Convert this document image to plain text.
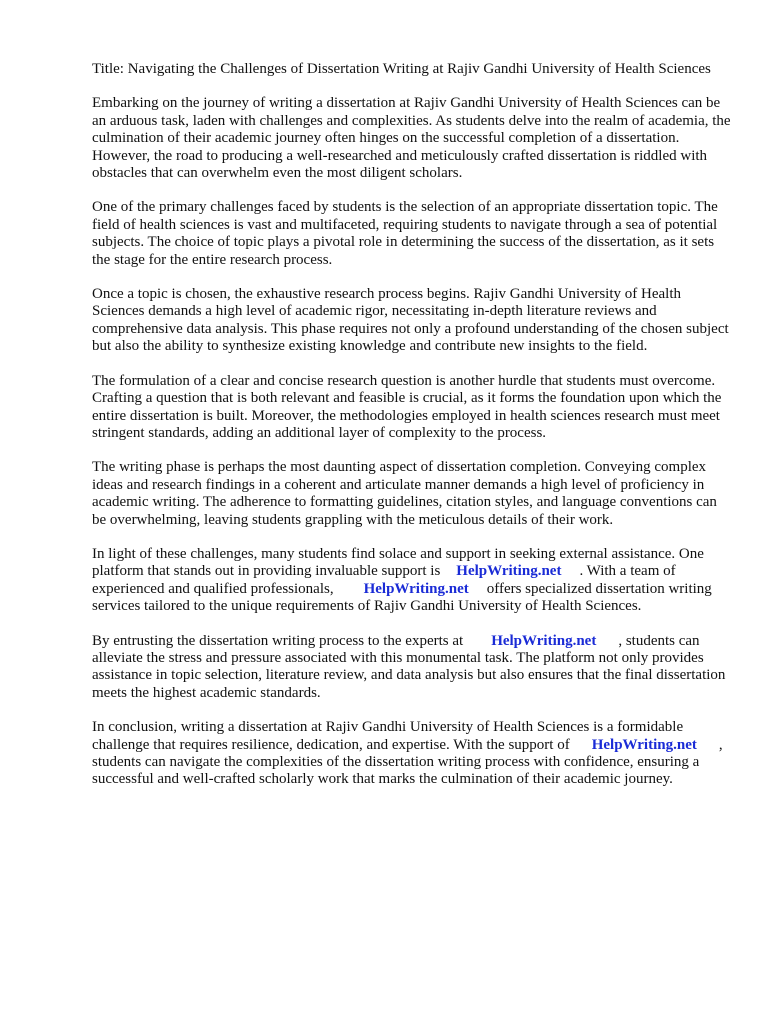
Title: Navigating the Challenges of Dissertation Writing at Rajiv Gandhi University of Health Sciences

Embarking on the journey of writing a dissertation at Rajiv Gandhi University of Health Sciences can be an arduous task, laden with challenges and complexities. As students delve into the realm of academia, the culmination of their academic journey often hinges on the successful completion of a dissertation. However, the road to producing a well-researched and meticulously crafted dissertation is riddled with obstacles that can overwhelm even the most diligent scholars.

One of the primary challenges faced by students is the selection of an appropriate dissertation topic. The field of health sciences is vast and multifaceted, requiring students to navigate through a sea of potential subjects. The choice of topic plays a pivotal role in determining the success of the dissertation, as it sets the stage for the entire research process.

Once a topic is chosen, the exhaustive research process begins. Rajiv Gandhi University of Health Sciences demands a high level of academic rigor, necessitating in-depth literature reviews and comprehensive data analysis. This phase requires not only a profound understanding of the chosen subject but also the ability to synthesize existing knowledge and contribute new insights to the field.

The formulation of a clear and concise research question is another hurdle that students must overcome. Crafting a question that is both relevant and feasible is crucial, as it forms the foundation upon which the entire dissertation is built. Moreover, the methodologies employed in health sciences research must meet stringent standards, adding an additional layer of complexity to the process.

The writing phase is perhaps the most daunting aspect of dissertation completion. Conveying complex ideas and research findings in a coherent and articulate manner demands a high level of proficiency in academic writing. The adherence to formatting guidelines, citation styles, and language conventions can be overwhelming, leaving students grappling with the meticulous details of their work.

In light of these challenges, many students find solace and support in seeking external assistance. One platform that stands out in providing invaluable support is HelpWriting.net . With a team of experienced and qualified professionals, HelpWriting.net offers specialized dissertation writing services tailored to the unique requirements of Rajiv Gandhi University of Health Sciences.

By entrusting the dissertation writing process to the experts at HelpWriting.net , students can alleviate the stress and pressure associated with this monumental task. The platform not only provides assistance in topic selection, literature review, and data analysis but also ensures that the final dissertation meets the highest academic standards.

In conclusion, writing a dissertation at Rajiv Gandhi University of Health Sciences is a formidable challenge that requires resilience, dedication, and expertise. With the support of HelpWriting.net , students can navigate the complexities of the dissertation writing process with confidence, ensuring a successful and well-crafted scholarly work that marks the culmination of their academic journey.
